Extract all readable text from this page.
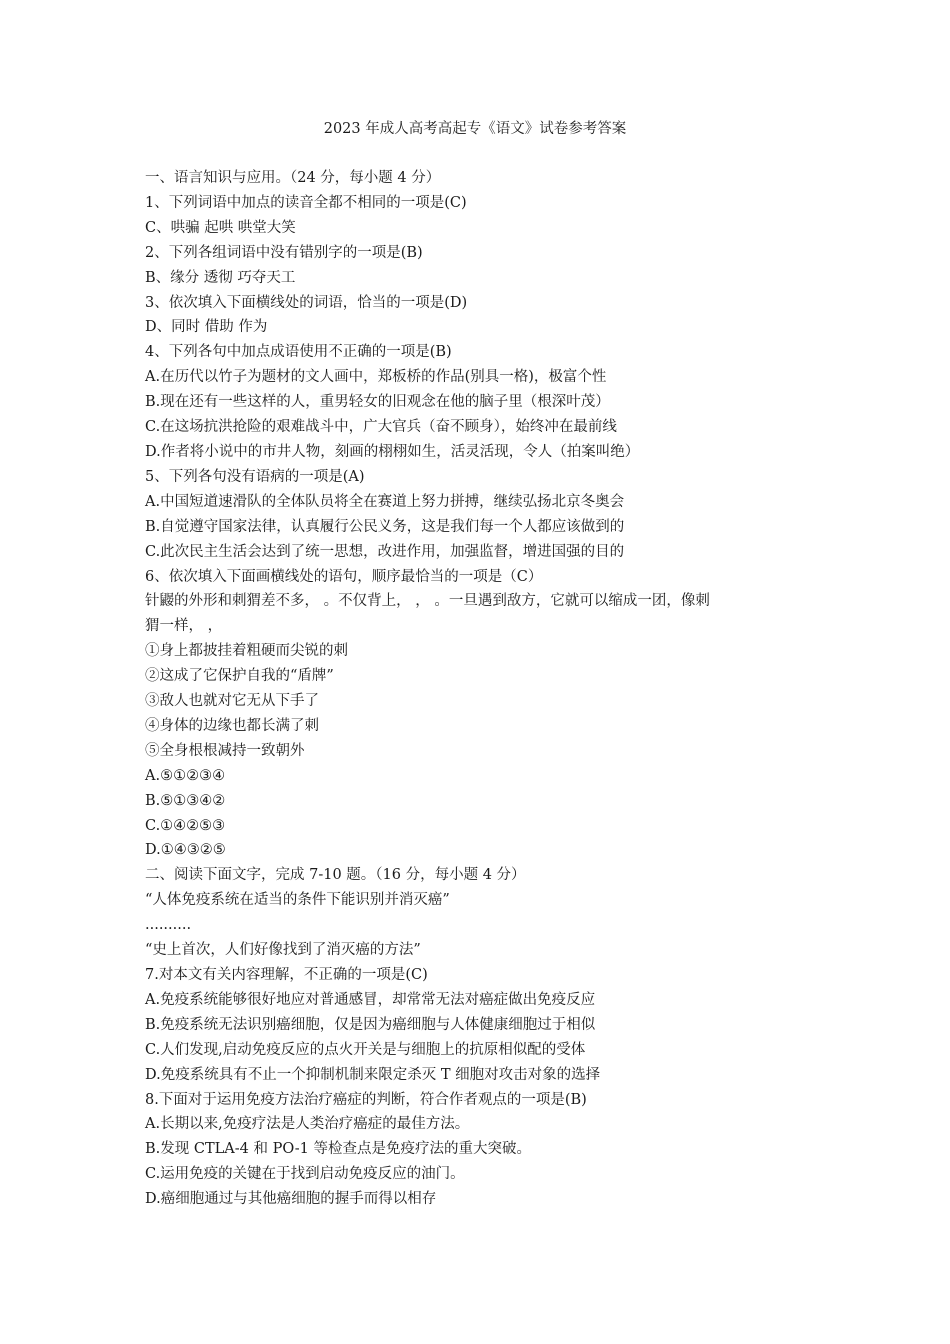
2023 年成人高考高起专《语文》试卷参考答案
一、语言知识与应用。（24 分，每小题 4 分）
1、下列词语中加点的读音全都不相同的一项是(C)
C、哄骗 起哄 哄堂大笑
2、下列各组词语中没有错别字的一项是(B)
B、缘分 透彻 巧夺天工
3、依次填入下面横线处的词语，恰当的一项是(D)
D、同时 借助 作为
4、下列各句中加点成语使用不正确的一项是(B)
A.在历代以竹子为题材的文人画中，郑板桥的作品(别具一格)，极富个性
B.现在还有一些这样的人，重男轻女的旧观念在他的脑子里（根深叶茂）
C.在这场抗洪抢险的艰难战斗中，广大官兵（奋不顾身），始终冲在最前线
D.作者将小说中的市井人物，刻画的栩栩如生，活灵活现，令人（拍案叫绝）
5、下列各句没有语病的一项是(A)
A.中国短道速滑队的全体队员将全在赛道上努力拼搏，继续弘扬北京冬奥会
B.自觉遵守国家法律，认真履行公民义务，这是我们每一个人都应该做到的
C.此次民主生活会达到了统一思想，改进作用，加强监督，增进国强的目的
6、依次填入下面画横线处的语句，顺序最恰当的一项是（C）
针鼹的外形和刺猬差不多， 。不仅背上， ， 。一旦遇到敌方，它就可以缩成一团，像刺
猬一样， ，
①身上都披挂着粗硬而尖锐的刺
②这成了它保护自我的“盾牌”
③敌人也就对它无从下手了
④身体的边缘也都长满了刺
⑤全身根根减持一致朝外
A.⑤①②③④
B.⑤①③④②
C.①④②⑤③
D.①④③②⑤
二、阅读下面文字，完成 7-10 题。（16 分，每小题 4 分）
“人体免疫系统在适当的条件下能识别并消灭癌”
..........
“史上首次，人们好像找到了消灭癌的方法”
7.对本文有关内容理解，不正确的一项是(C)
A.免疫系统能够很好地应对普通感冒，却常常无法对癌症做出免疫反应
B.免疫系统无法识别癌细胞，仅是因为癌细胞与人体健康细胞过于相似
C.人们发现,启动免疫反应的点火开关是与细胞上的抗原相似配的受体
D.免疫系统具有不止一个抑制机制来限定杀灭 T 细胞对攻击对象的选择
8.下面对于运用免疫方法治疗癌症的判断，符合作者观点的一项是(B)
A.长期以来,免疫疗法是人类治疗癌症的最佳方法。
B.发现 CTLA-4 和 PO-1 等检查点是免疫疗法的重大突破。
C.运用免疫的关键在于找到启动免疫反应的油门。
D.癌细胞通过与其他癌细胞的握手而得以相存
